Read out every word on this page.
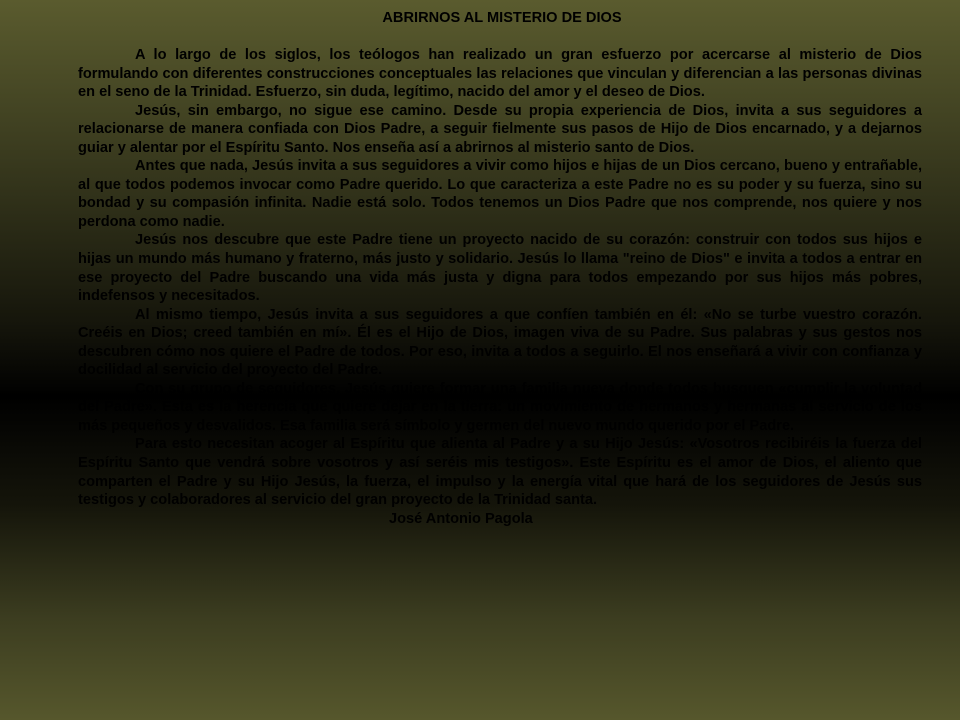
ABRIRNOS AL MISTERIO DE DIOS

A lo largo de los siglos, los teólogos han realizado un gran esfuerzo por acercarse al misterio de Dios formulando con diferentes construcciones conceptuales las relaciones que vinculan y diferencian a las personas divinas en el seno de la Trinidad. Esfuerzo, sin duda, legítimo, nacido del amor y el deseo de Dios.

Jesús, sin embargo, no sigue ese camino. Desde su propia experiencia de Dios, invita a sus seguidores a relacionarse de manera confiada con Dios Padre, a seguir fielmente sus pasos de Hijo de Dios encarnado, y a dejarnos guiar y alentar por el Espíritu Santo. Nos enseña así a abrirnos al misterio santo de Dios.

Antes que nada, Jesús invita a sus seguidores a vivir como hijos e hijas de un Dios cercano, bueno y entrañable, al que todos podemos invocar como Padre querido. Lo que caracteriza a este Padre no es su poder y su fuerza, sino su bondad y su compasión infinita. Nadie está solo. Todos tenemos un Dios Padre que nos comprende, nos quiere y nos perdona como nadie.

Jesús nos descubre que este Padre tiene un proyecto nacido de su corazón: construir con todos sus hijos e hijas un mundo más humano y fraterno, más justo y solidario. Jesús lo llama "reino de Dios" e invita a todos a entrar en ese proyecto del Padre buscando una vida más justa y digna para todos empezando por sus hijos más pobres, indefensos y necesitados.

Al mismo tiempo, Jesús invita a sus seguidores a que confíen también en él: «No se turbe vuestro corazón. Creéis en Dios; creed también en mí». Él es el Hijo de Dios, imagen viva de su Padre. Sus palabras y sus gestos nos descubren cómo nos quiere el Padre de todos. Por eso, invita a todos a seguirlo. El nos enseñará a vivir con confianza y docilidad al servicio del proyecto del Padre.

Con su grupo de seguidores, Jesús quiere formar una familia nueva donde todos busquen «cumplir la voluntad del Padre». Esta es la herencia que quiere dejar en la tierra: un movimiento de hermanos y hermanas al servicio de los más pequeños y desvalidos. Esa familia será símbolo y germen del nuevo mundo querido por el Padre.

Para esto necesitan acoger al Espíritu que alienta al Padre y a su Hijo Jesús: «Vosotros recibiréis la fuerza del Espíritu Santo que vendrá sobre vosotros y así seréis mis testigos». Este Espíritu es el amor de Dios, el aliento que comparten el Padre y su Hijo Jesús, la fuerza, el impulso y la energía vital que hará de los seguidores de Jesús sus testigos y colaboradores al servicio del gran proyecto de la Trinidad santa.

José Antonio Pagola
